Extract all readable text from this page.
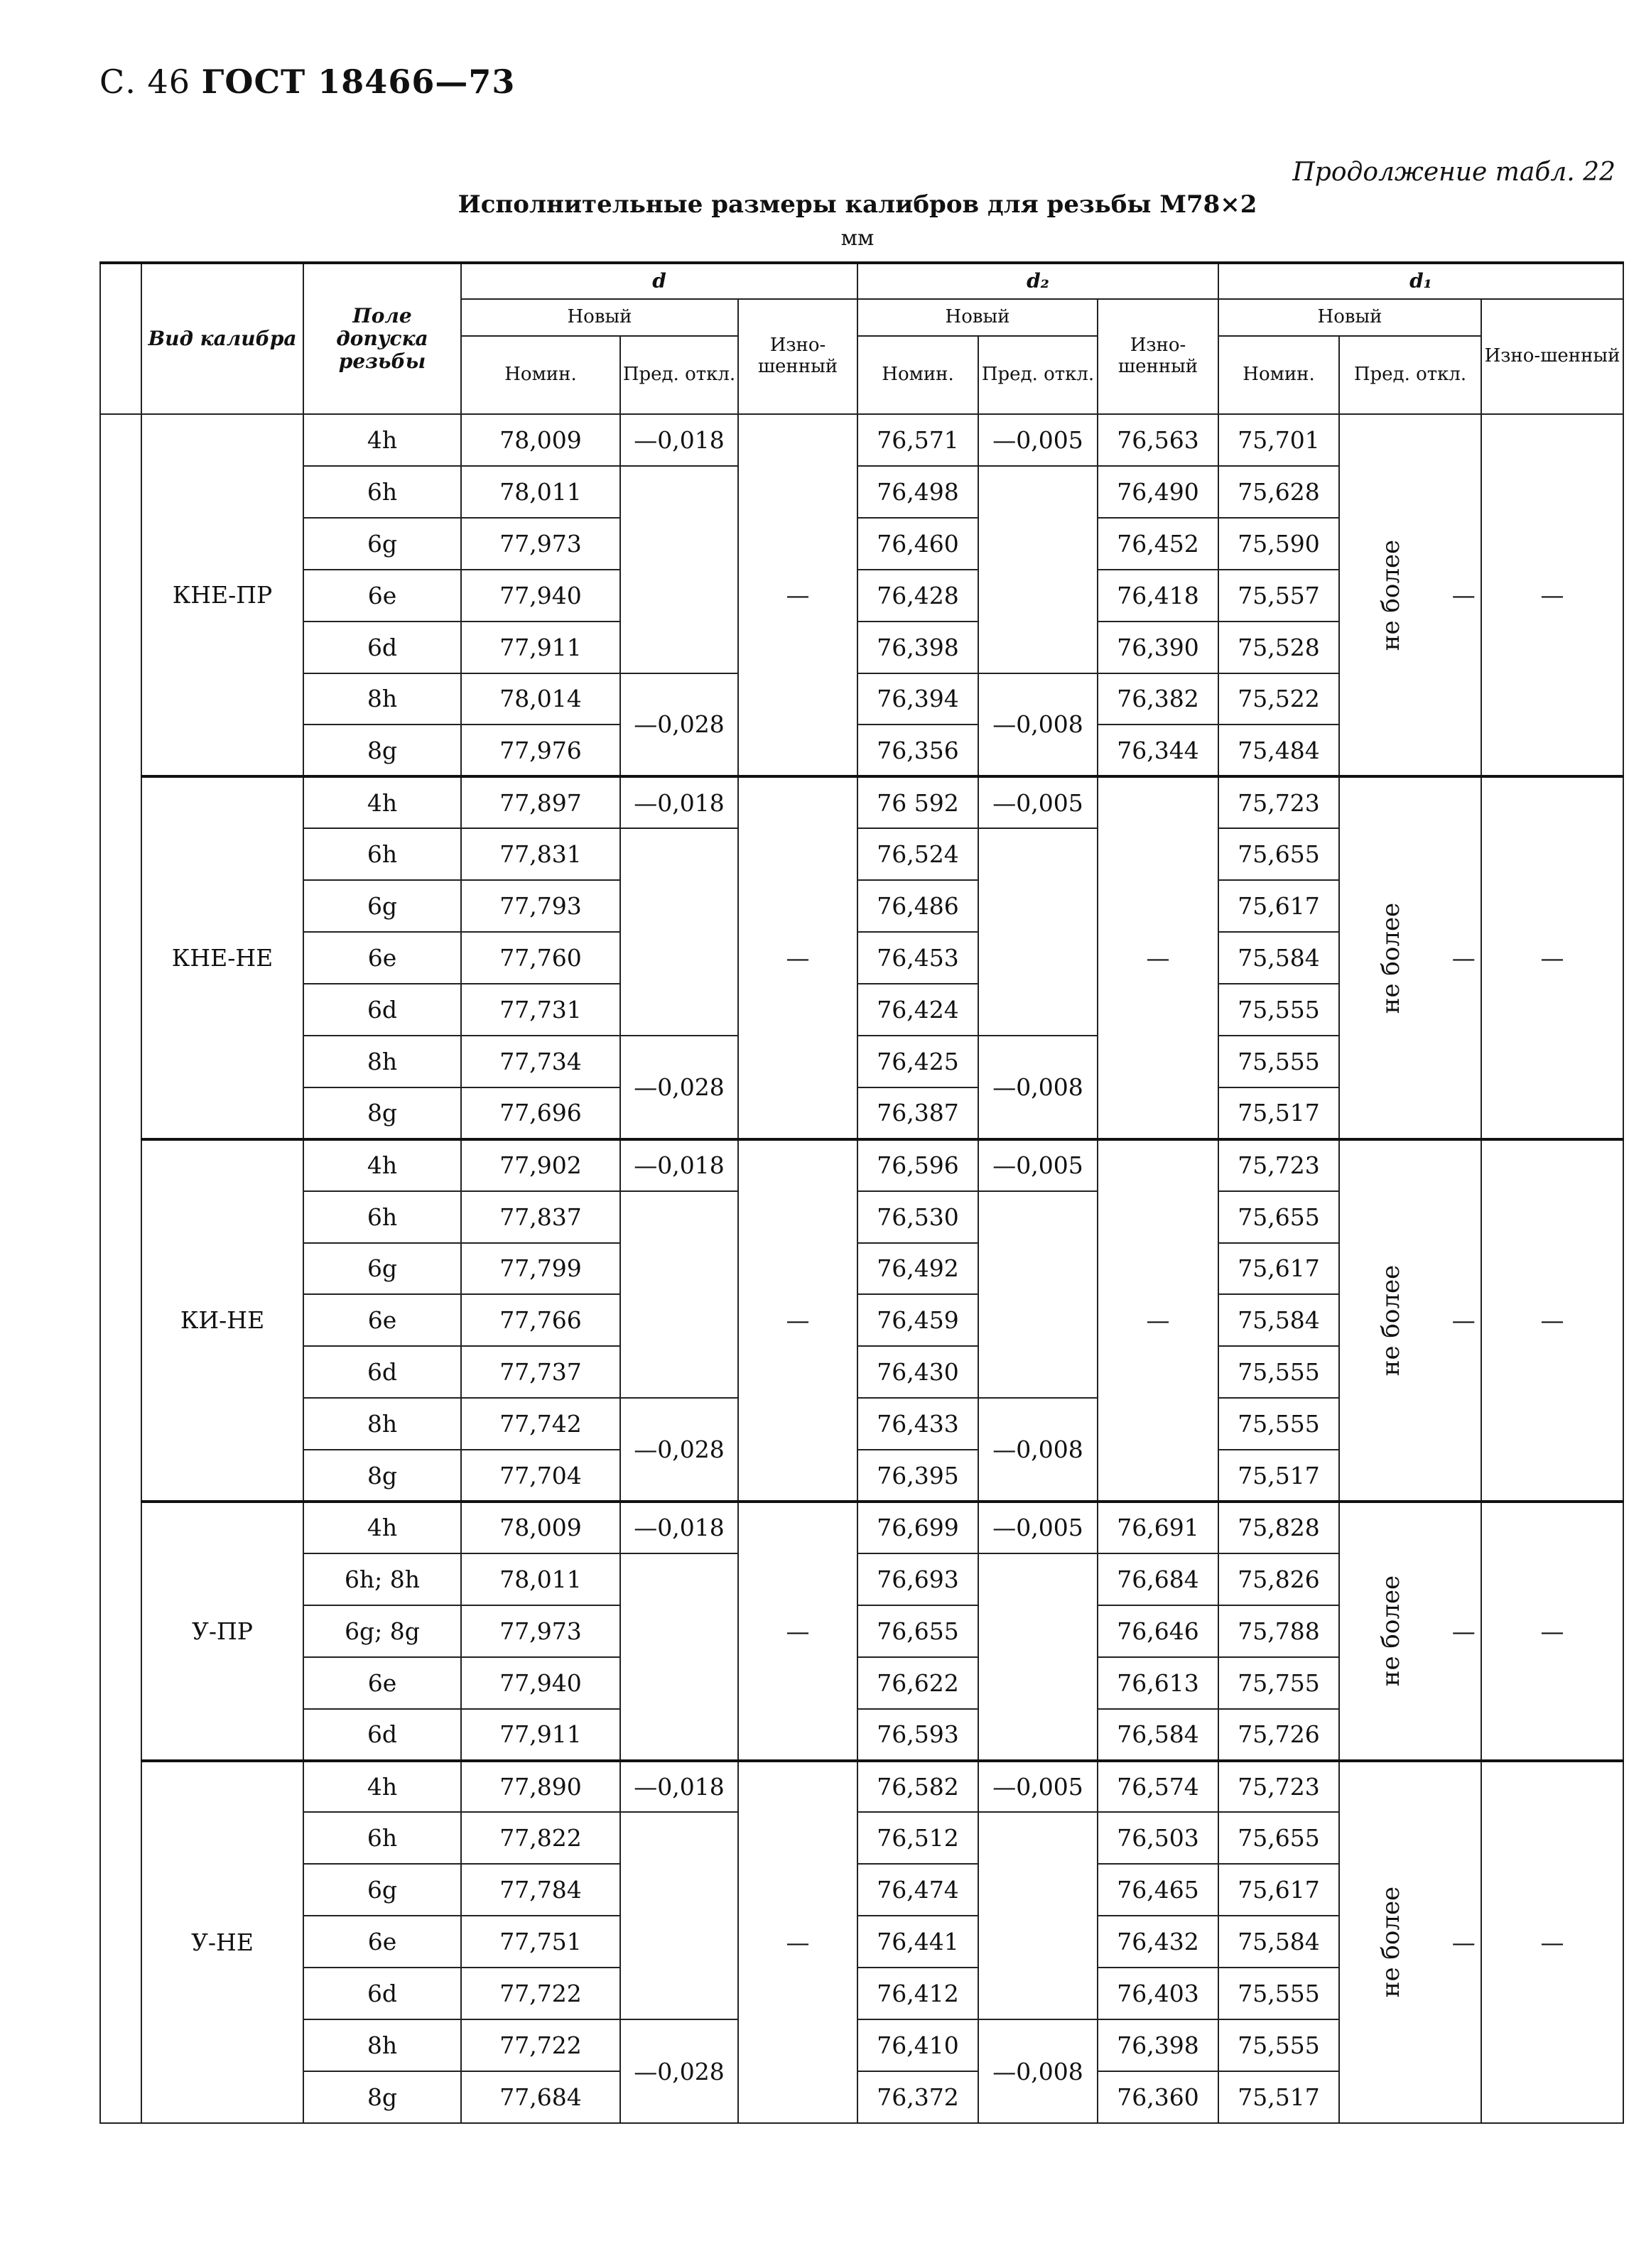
С. 46 ГОСТ 18466—73
Продолжение табл. 22
Исполнительные размеры калибров для резьбы М78×2
мм
	Вид калибра	Поле допуска резьбы	d			d₂			d₁		
			Новый		Изно-шенный	Новый		Изно-шенный	Новый		Изно-шенный
			Номин.	Пред. откл.		Номин.	Пред. откл.		Номин.	Пред. откл.	
	КНЕ-ПР	4h	78,009	—0,018	—	76,571	—0,005	76,563	75,701	не более —	—
		6h	78,011			76,498		76,490	75,628		
		6g	77,973			76,460		76,452	75,590		
		6e	77,940			76,428		76,418	75,557		
		6d	77,911			76,398		76,390	75,528		
		8h	78,014	—0,028		76,394	—0,008	76,382	75,522		
		8g	77,976			76,356		76,344	75,484		
	КНЕ-НЕ	4h	77,897	—0,018	—	76 592	—0,005	—	75,723	не более —	—
		6h	77,831			76,524			75,655		
		6g	77,793			76,486			75,617		
		6e	77,760			76,453			75,584		
		6d	77,731			76,424			75,555		
		8h	77,734	—0,028		76,425	—0,008		75,555		
		8g	77,696			76,387			75,517		
	КИ-НЕ	4h	77,902	—0,018	—	76,596	—0,005	—	75,723	не более —	—
		6h	77,837			76,530			75,655		
		6g	77,799			76,492			75,617		
		6e	77,766			76,459			75,584		
		6d	77,737			76,430			75,555		
		8h	77,742	—0,028		76,433	—0,008		75,555		
		8g	77,704			76,395			75,517		
	У-ПР	4h	78,009	—0,018	—	76,699	—0,005	76,691	75,828	не более —	—
		6h; 8h	78,011			76,693		76,684	75,826		
		6g; 8g	77,973			76,655		76,646	75,788		
		6e	77,940			76,622		76,613	75,755		
		6d	77,911			76,593		76,584	75,726		
	У-НЕ	4h	77,890	—0,018	—	76,582	—0,005	76,574	75,723	не более —	—
		6h	77,822			76,512		76,503	75,655		
		6g	77,784			76,474		76,465	75,617		
		6e	77,751			76,441		76,432	75,584		
		6d	77,722			76,412		76,403	75,555		
		8h	77,722	—0,028		76,410	—0,008	76,398	75,555		
		8g	77,684			76,372		76,360	75,517		
